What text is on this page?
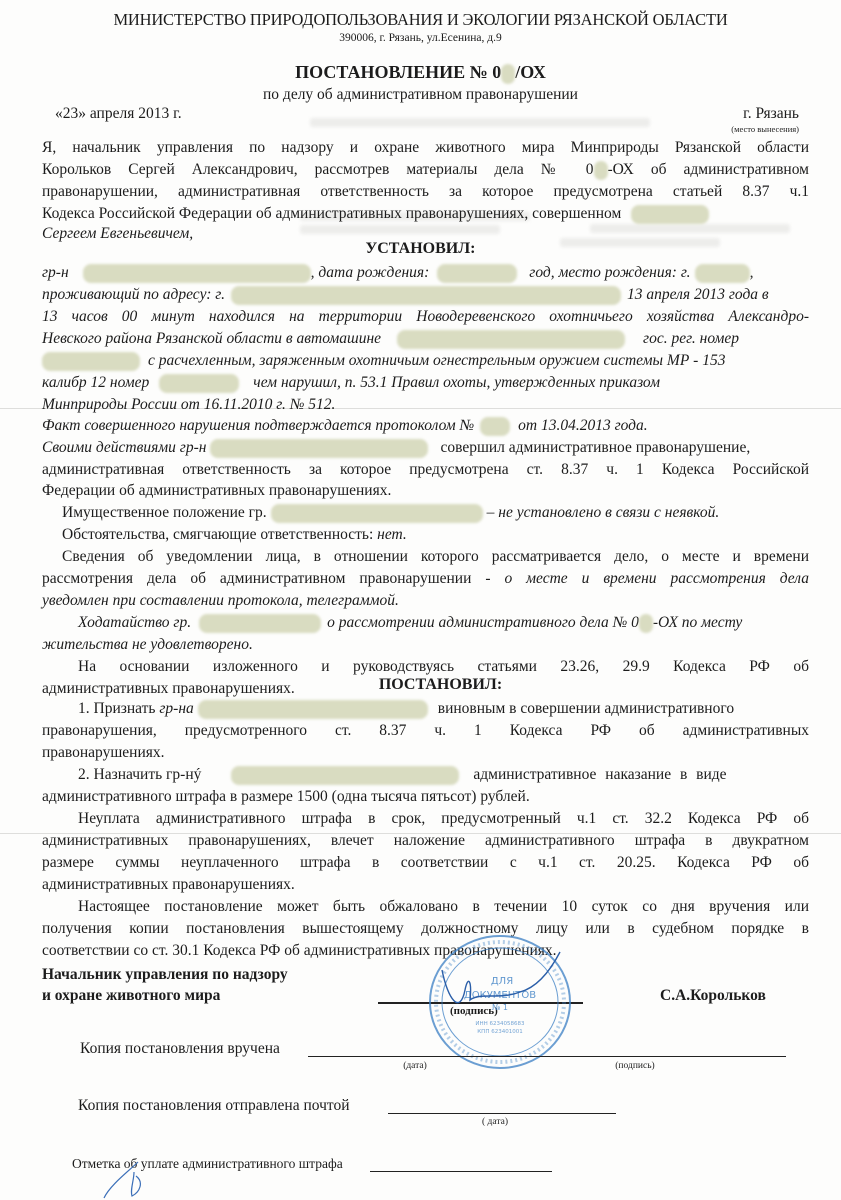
МИНИСТЕРСТВО ПРИРОДОПОЛЬЗОВАНИЯ И ЭКОЛОГИИ РЯЗАНСКОЙ ОБЛАСТИ
390006, г. Рязань, ул.Есенина, д.9
ПОСТАНОВЛЕНИЕ № 0 /ОХ
по делу об административном правонарушении
«23» апреля 2013 г.	г. Рязань
(место вынесения)
Я, начальник управления по надзору и охране животного мира Минприроды Рязанской области
Корольков Сергей Александрович, рассмотрев материалы дела № 0 -ОХ об административном
правонарушении, административная ответственность за которое предусмотрена статьей 8.37 ч.1
Кодекса Российской Федерации об административных правонарушениях, совершенном
Сергеем Евгеньевичем,
УСТАНОВИЛ:
гр-н	, дата рождения:	год, место рождения: г.	,
проживающий по адресу: г.	13 апреля 2013 года в
13 часов 00 минут находился на территории Новодеревенского охотничьего хозяйства Александро-
Невского района Рязанской области в автомашине	гос. рег. номер
с расчехленным, заряженным охотничьим огнестрельным оружием системы МР - 153
калибр 12 номер	чем нарушил, п. 53.1 Правил охоты, утвержденных приказом
Минприроды России от 16.11.2010 г. № 512.
Факт совершенного нарушения подтверждается протоколом №	от 13.04.2013 года.
Своими действиями гр-н	совершил административное правонарушение,
административная ответственность за которое предусмотрена ст. 8.37 ч. 1 Кодекса Российской
Федерации об административных правонарушениях.
Имущественное положение гр.	– не установлено в связи с неявкой.
Обстоятельства, смягчающие ответственность: нет.
Сведения об уведомлении лица, в отношении которого рассматривается дело, о месте и времени
рассмотрения дела об административном правонарушении - о месте и времени рассмотрения дела
уведомлен при составлении протокола, телеграммой.
Ходатайство гр.	о рассмотрении административного дела № 0 -ОХ по месту
жительства не удовлетворено.
На основании изложенного и руководствуясь статьями 23.26, 29.9 Кодекса РФ об
административных правонарушениях.	ПОСТАНОВИЛ:
1. Признать гр-на	виновным в совершении административного
правонарушения, предусмотренного ст. 8.37 ч. 1 Кодекса РФ об административных
правонарушениях.
2. Назначить гр-нý	административное наказание в виде
административного штрафа в размере 1500 (одна тысяча пятьсот) рублей.
Неуплата административного штрафа в срок, предусмотренный ч.1 ст. 32.2 Кодекса РФ об
административных правонарушениях, влечет наложение административного штрафа в двукратном
размере суммы неуплаченного штрафа в соответствии с ч.1 ст. 20.25. Кодекса РФ об
административных правонарушениях.
Настоящее постановление может быть обжаловано в течении 10 суток со дня вручения или
получения копии постановления вышестоящему должностному лицу или в судебном порядке в
соответствии со ст. 30.1 Кодекса РФ об административных правонарушениях.
Начальник управления по надзору
и охране животного мира
(подпись)
С.А.Корольков
ДЛЯ
ДОКУМЕНТОВ
№ 1
ИНН 6234058683
КПП 623401001
Копия постановления вручена
(дата)	(подпись)
Копия постановления отправлена почтой
( дата)
Отметка об уплате административного штрафа
